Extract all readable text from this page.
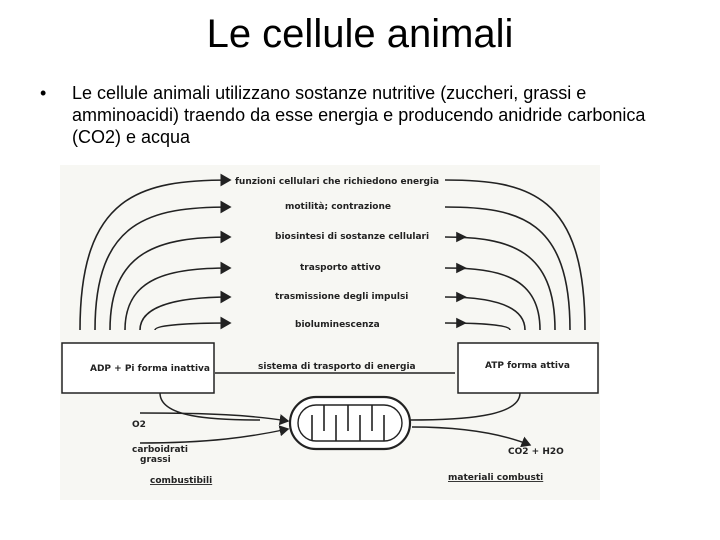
Le cellule animali
• Le cellule animali utilizzano sostanze nutritive (zuccheri, grassi e amminoacidi) traendo da esse energia e producendo anidride carbonica (CO2) e acqua
funzioni cellulari che richiedono energia
motilità; contrazione
biosintesi di sostanze cellulari
trasporto attivo
trasmissione degli impulsi
bioluminescenza
ADP + Pi forma inattiva	ATP forma attiva
sistema di trasporto di energia
O2
carboidrati
grassi
CO2 + H2O
combustibili	materiali combusti
